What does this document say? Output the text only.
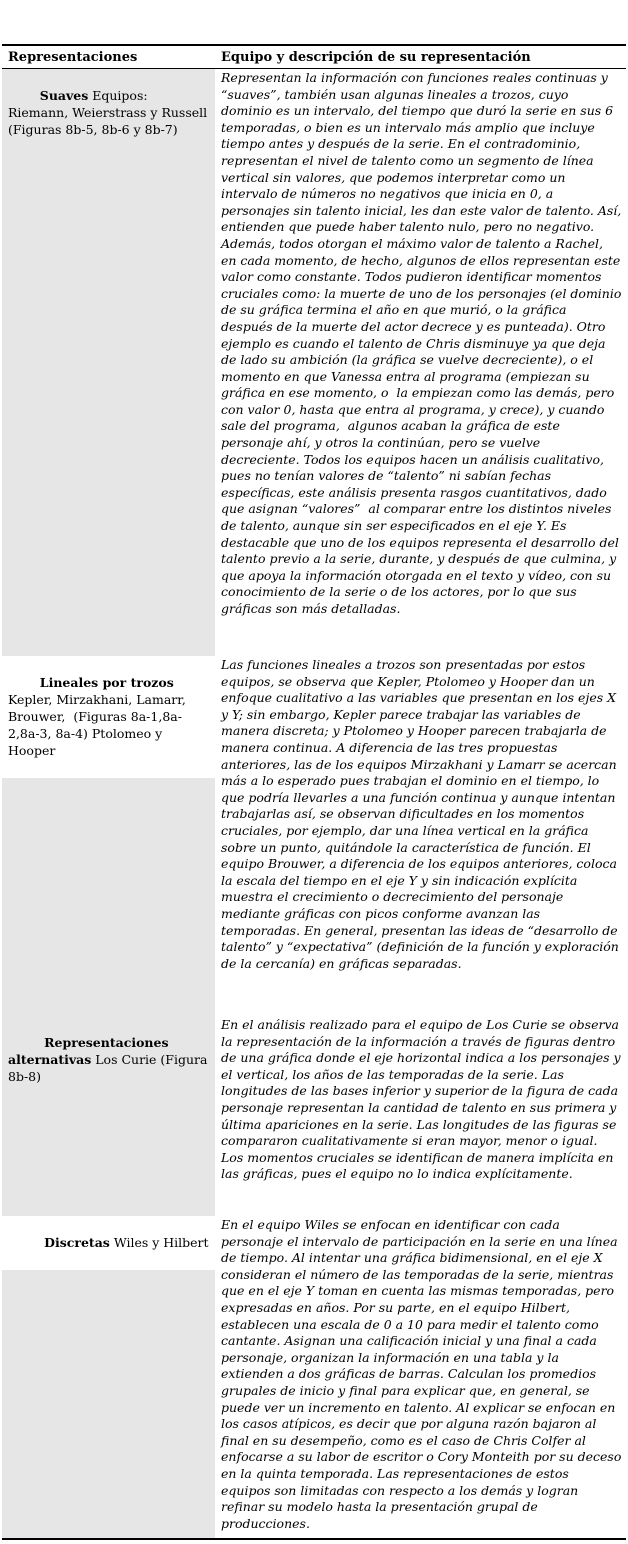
Representaciones	Equipo y descripción de su representación

Suaves Equipos: Riemann, Weierstrass y Russell (Figuras 8b-5, 8b-6 y 8b-7)

Representan la información con funciones reales continuas y “suaves”, también usan algunas lineales a trozos, cuyo dominio es un intervalo, del tiempo que duró la serie en sus 6 temporadas, o bien es un intervalo más amplio que incluye tiempo antes y después de la serie. En el contradominio, representan el nivel de talento como un segmento de línea vertical sin valores, que podemos interpretar como un intervalo de números no negativos que inicia en 0, a personajes sin talento inicial, les dan este valor de talento. Así, entienden que puede haber talento nulo, pero no negativo. Además, todos otorgan el máximo valor de talento a Rachel, en cada momento, de hecho, algunos de ellos representan este valor como constante. Todos pudieron identificar momentos cruciales como: la muerte de uno de los personajes (el dominio de su gráfica termina el año en que murió, o la gráfica después de la muerte del actor decrece y es punteada). Otro ejemplo es cuando el talento de Chris disminuye ya que deja de lado su ambición (la gráfica se vuelve decreciente), o el momento en que Vanessa entra al programa (empiezan su gráfica en ese momento, o  la empiezan como las demás, pero con valor 0, hasta que entra al programa, y crece), y cuando sale del programa,  algunos acaban la gráfica de este personaje ahí, y otros la continúan, pero se vuelve decreciente. Todos los equipos hacen un análisis cualitativo, pues no tenían valores de “talento” ni sabían fechas específicas, este análisis presenta rasgos cuantitativos, dado que asignan “valores”  al comparar entre los distintos niveles de talento, aunque sin ser especificados en el eje Y. Es destacable que uno de los equipos representa el desarrollo del talento previo a la serie, durante, y después de que culmina, y que apoya la información otorgada en el texto y vídeo, con su conocimiento de la serie o de los actores, por lo que sus gráficas son más detalladas.

Lineales por trozos Kepler, Mirzakhani, Lamarr, Brouwer,  (Figuras 8a-1,8a-2,8a-3, 8a-4) Ptolomeo y Hooper

Las funciones lineales a trozos son presentadas por estos equipos, se observa que Kepler, Ptolomeo y Hooper dan un enfoque cualitativo a las variables que presentan en los ejes X y Y; sin embargo, Kepler parece trabajar las variables de manera discreta; y Ptolomeo y Hooper parecen trabajarla de manera continua. A diferencia de las tres propuestas anteriores, las de los equipos Mirzakhani y Lamarr se acercan más a lo esperado pues trabajan el dominio en el tiempo, lo que podría llevarles a una función continua y aunque intentan trabajarlas así, se observan dificultades en los momentos cruciales, por ejemplo, dar una línea vertical en la gráfica sobre un punto, quitándole la característica de función. El equipo Brouwer, a diferencia de los equipos anteriores, coloca la escala del tiempo en el eje Y y sin indicación explícita muestra el crecimiento o decrecimiento del personaje mediante gráficas con picos conforme avanzan las temporadas. En general, presentan las ideas de “desarrollo de talento” y “expectativa” (definición de la función y exploración de la cercanía) en gráficas separadas.

Representaciones alternativas Los Curie (Figura 8b-8)

En el análisis realizado para el equipo de Los Curie se observa la representación de la información a través de figuras dentro de una gráfica donde el eje horizontal indica a los personajes y el vertical, los años de las temporadas de la serie. Las longitudes de las bases inferior y superior de la figura de cada personaje representan la cantidad de talento en sus primera y última apariciones en la serie. Las longitudes de las figuras se compararon cualitativamente si eran mayor, menor o igual. Los momentos cruciales se identifican de manera implícita en las gráficas, pues el equipo no lo indica explícitamente.

Discretas Wiles y Hilbert

En el equipo Wiles se enfocan en identificar con cada personaje el intervalo de participación en la serie en una línea de tiempo. Al intentar una gráfica bidimensional, en el eje X consideran el número de las temporadas de la serie, mientras que en el eje Y toman en cuenta las mismas temporadas, pero expresadas en años. Por su parte, en el equipo Hilbert, establecen una escala de 0 a 10 para medir el talento como cantante. Asignan una calificación inicial y una final a cada personaje, organizan la información en una tabla y la extienden a dos gráficas de barras. Calculan los promedios grupales de inicio y final para explicar que, en general, se puede ver un incremento en talento. Al explicar se enfocan en los casos atípicos, es decir que por alguna razón bajaron al final en su desempeño, como es el caso de Chris Colfer al enfocarse a su labor de escritor o Cory Monteith por su deceso en la quinta temporada. Las representaciones de estos equipos son limitadas con respecto a los demás y logran refinar su modelo hasta la presentación grupal de producciones.
